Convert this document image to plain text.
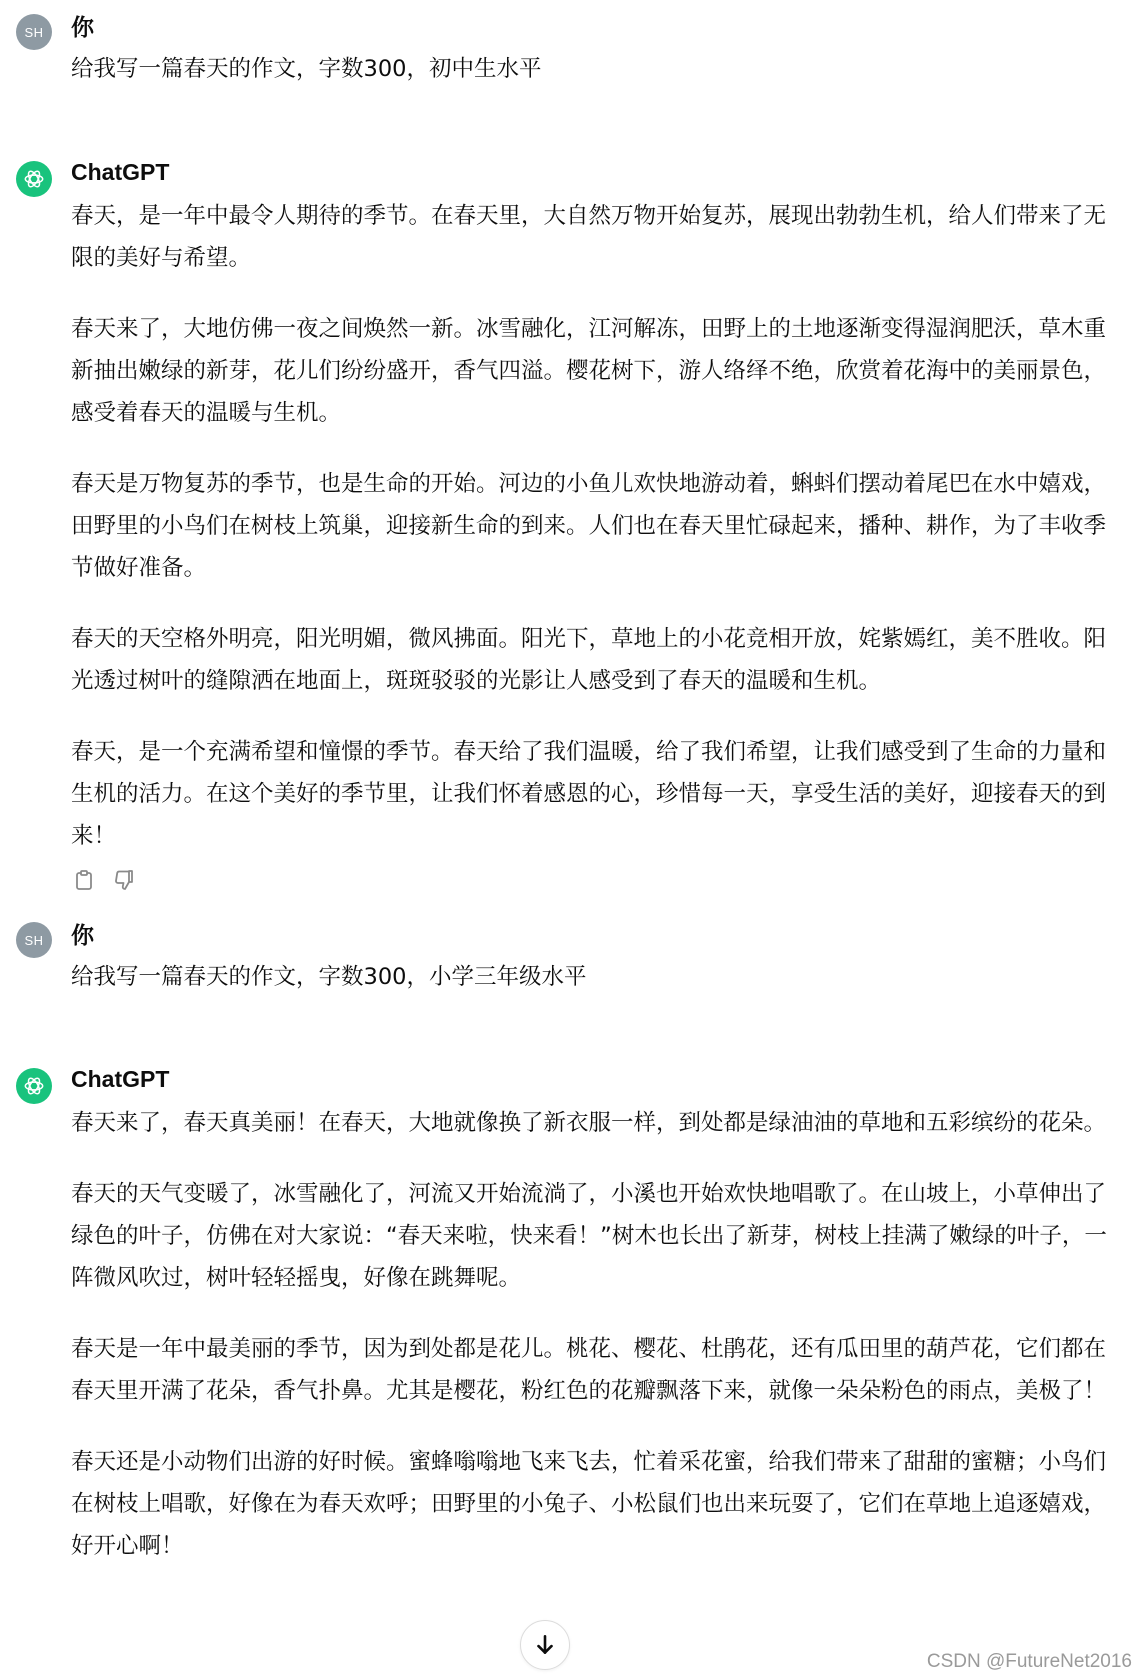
SH	你

给我写一篇春天的作文，字数300，初中生水平

ChatGPT

春天，是一年中最令人期待的季节。在春天里，大自然万物开始复苏，展现出勃勃生机，给人们带来了无限的美好与希望。

春天来了，大地仿佛一夜之间焕然一新。冰雪融化，江河解冻，田野上的土地逐渐变得湿润肥沃，草木重新抽出嫩绿的新芽，花儿们纷纷盛开，香气四溢。樱花树下，游人络绎不绝，欣赏着花海中的美丽景色，感受着春天的温暖与生机。

春天是万物复苏的季节，也是生命的开始。河边的小鱼儿欢快地游动着，蝌蚪们摆动着尾巴在水中嬉戏，田野里的小鸟们在树枝上筑巢，迎接新生命的到来。人们也在春天里忙碌起来，播种、耕作，为了丰收季节做好准备。

春天的天空格外明亮，阳光明媚，微风拂面。阳光下，草地上的小花竞相开放，姹紫嫣红，美不胜收。阳光透过树叶的缝隙洒在地面上，斑斑驳驳的光影让人感受到了春天的温暖和生机。

春天，是一个充满希望和憧憬的季节。春天给了我们温暖，给了我们希望，让我们感受到了生命的力量和生机的活力。在这个美好的季节里，让我们怀着感恩的心，珍惜每一天，享受生活的美好，迎接春天的到来！

SH	你

给我写一篇春天的作文，字数300，小学三年级水平

ChatGPT

春天来了，春天真美丽！在春天，大地就像换了新衣服一样，到处都是绿油油的草地和五彩缤纷的花朵。

春天的天气变暖了，冰雪融化了，河流又开始流淌了，小溪也开始欢快地唱歌了。在山坡上，小草伸出了绿色的叶子，仿佛在对大家说：“春天来啦，快来看！”树木也长出了新芽，树枝上挂满了嫩绿的叶子，一阵微风吹过，树叶轻轻摇曳，好像在跳舞呢。

春天是一年中最美丽的季节，因为到处都是花儿。桃花、樱花、杜鹃花，还有瓜田里的葫芦花，它们都在春天里开满了花朵，香气扑鼻。尤其是樱花，粉红色的花瓣飘落下来，就像一朵朵粉色的雨点，美极了！

春天还是小动物们出游的好时候。蜜蜂嗡嗡地飞来飞去，忙着采花蜜，给我们带来了甜甜的蜜糖；小鸟们在树枝上唱歌，好像在为春天欢呼；田野里的小兔子、小松鼠们也出来玩耍了，它们在草地上追逐嬉戏，好开心啊！

CSDN @FutureNet2016
